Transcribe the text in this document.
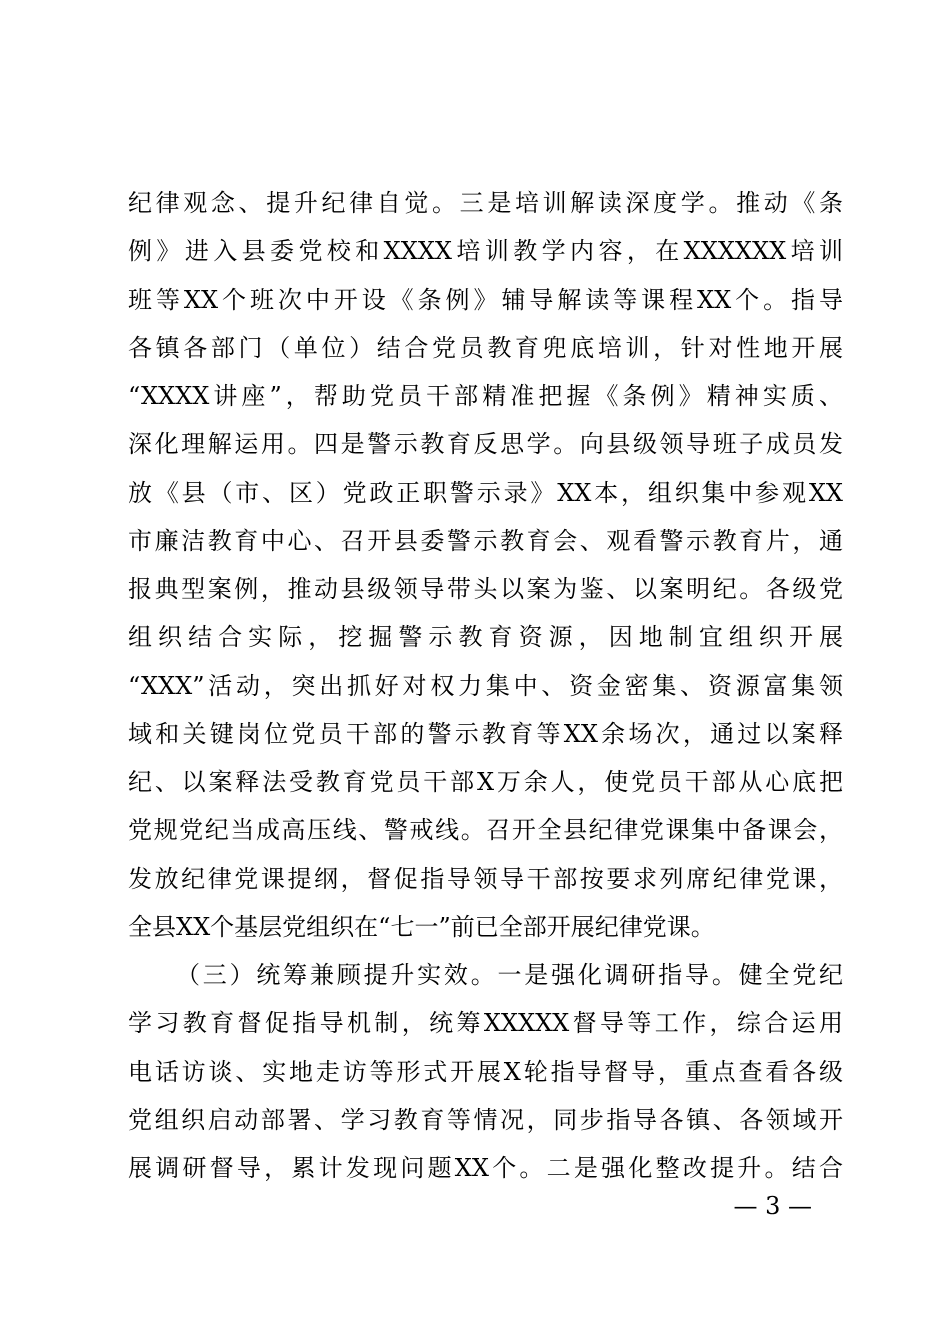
纪律观念、提升纪律自觉。三是培训解读深度学。推动《条
例》进入县委党校和XXXX培训教学内容，在XXXXXX培训
班等XX个班次中开设《条例》辅导解读等课程XX个。指导
各镇各部门（单位）结合党员教育兜底培训，针对性地开展
“XXXX讲座”，帮助党员干部精准把握《条例》精神实质、
深化理解运用。四是警示教育反思学。向县级领导班子成员发
放《县（市、区）党政正职警示录》XX本，组织集中参观XX
市廉洁教育中心、召开县委警示教育会、观看警示教育片，通
报典型案例，推动县级领导带头以案为鉴、以案明纪。各级党
组织结合实际，挖掘警示教育资源，因地制宜组织开展
“XXX”活动，突出抓好对权力集中、资金密集、资源富集领
域和关键岗位党员干部的警示教育等XX余场次，通过以案释
纪、以案释法受教育党员干部X万余人，使党员干部从心底把
党规党纪当成高压线、警戒线。召开全县纪律党课集中备课会，
发放纪律党课提纲，督促指导领导干部按要求列席纪律党课，
全县XX个基层党组织在“七一”前已全部开展纪律党课。
（三）统筹兼顾提升实效。一是强化调研指导。健全党纪
学习教育督促指导机制，统筹XXXXX督导等工作，综合运用
电话访谈、实地走访等形式开展X轮指导督导，重点查看各级
党组织启动部署、学习教育等情况，同步指导各镇、各领域开
展调研督导，累计发现问题XX个。二是强化整改提升。结合
— 3 —
